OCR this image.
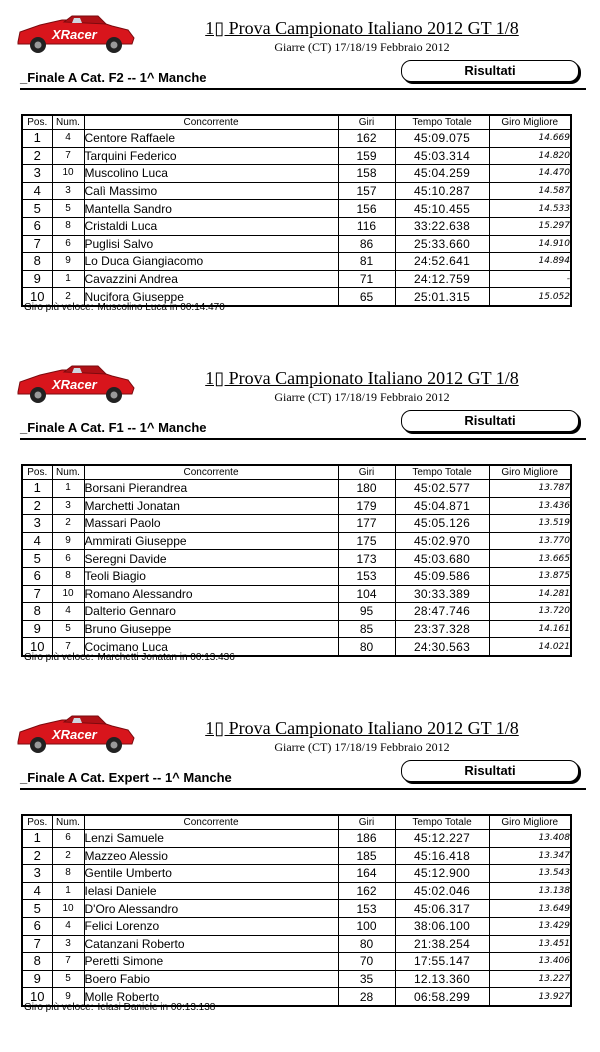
XRacer	1▯ Prova Campionato Italiano 2012 GT 1/8
Giarre (CT) 17/18/19 Febbraio 2012
Risultati
_Finale A Cat. F2 -- 1^ Manche
Pos.	Num.	Concorrente	Giri	Tempo Totale	Giro Migliore
1	4	Centore Raffaele	162	45:09.075	14.669
2	7	Tarquini Federico	159	45:03.314	14.820
3	10	Muscolino Luca	158	45:04.259	14.470
4	3	Calì Massimo	157	45:10.287	14.587
5	5	Mantella Sandro	156	45:10.455	14.533
6	8	Cristaldi Luca	116	33:22.638	15.297
7	6	Puglisi Salvo	86	25:33.660	14.910
8	9	Lo Duca Giangiacomo	81	24:52.641	14.894
9	1	Cavazzini Andrea	71	24:12.759	-
10	2	Nucifora Giuseppe	65	25:01.315	15.052
Giro più veloce: Muscolino Luca in 00:14.470
XRacer	1▯ Prova Campionato Italiano 2012 GT 1/8
Giarre (CT) 17/18/19 Febbraio 2012
Risultati
_Finale A Cat. F1 -- 1^ Manche
Pos.	Num.	Concorrente	Giri	Tempo Totale	Giro Migliore
1	1	Borsani Pierandrea	180	45:02.577	13.787
2	3	Marchetti Jonatan	179	45:04.871	13.436
3	2	Massari Paolo	177	45:05.126	13.519
4	9	Ammirati Giuseppe	175	45:02.970	13.770
5	6	Seregni Davide	173	45:03.680	13.665
6	8	Teoli Biagio	153	45:09.586	13.875
7	10	Romano Alessandro	104	30:33.389	14.281
8	4	Dalterio Gennaro	95	28:47.746	13.720
9	5	Bruno Giuseppe	85	23:37.328	14.161
10	7	Cocimano Luca	80	24:30.563	14.021
Giro più veloce: Marchetti Jonatan in 00:13.436
XRacer	1▯ Prova Campionato Italiano 2012 GT 1/8
Giarre (CT) 17/18/19 Febbraio 2012
Risultati
_Finale A Cat. Expert -- 1^ Manche
Pos.	Num.	Concorrente	Giri	Tempo Totale	Giro Migliore
1	6	Lenzi Samuele	186	45:12.227	13.408
2	2	Mazzeo Alessio	185	45:16.418	13.347
3	8	Gentile Umberto	164	45:12.900	13.543
4	1	Ielasi Daniele	162	45:02.046	13.138
5	10	D'Oro Alessandro	153	45:06.317	13.649
6	4	Felici Lorenzo	100	38:06.100	13.429
7	3	Catanzani Roberto	80	21:38.254	13.451
8	7	Peretti Simone	70	17:55.147	13.406
9	5	Boero Fabio	35	12.13.360	13.227
10	9	Molle Roberto	28	06:58.299	13.927
Giro più veloce: Ielasi Daniele in 00:13.138
